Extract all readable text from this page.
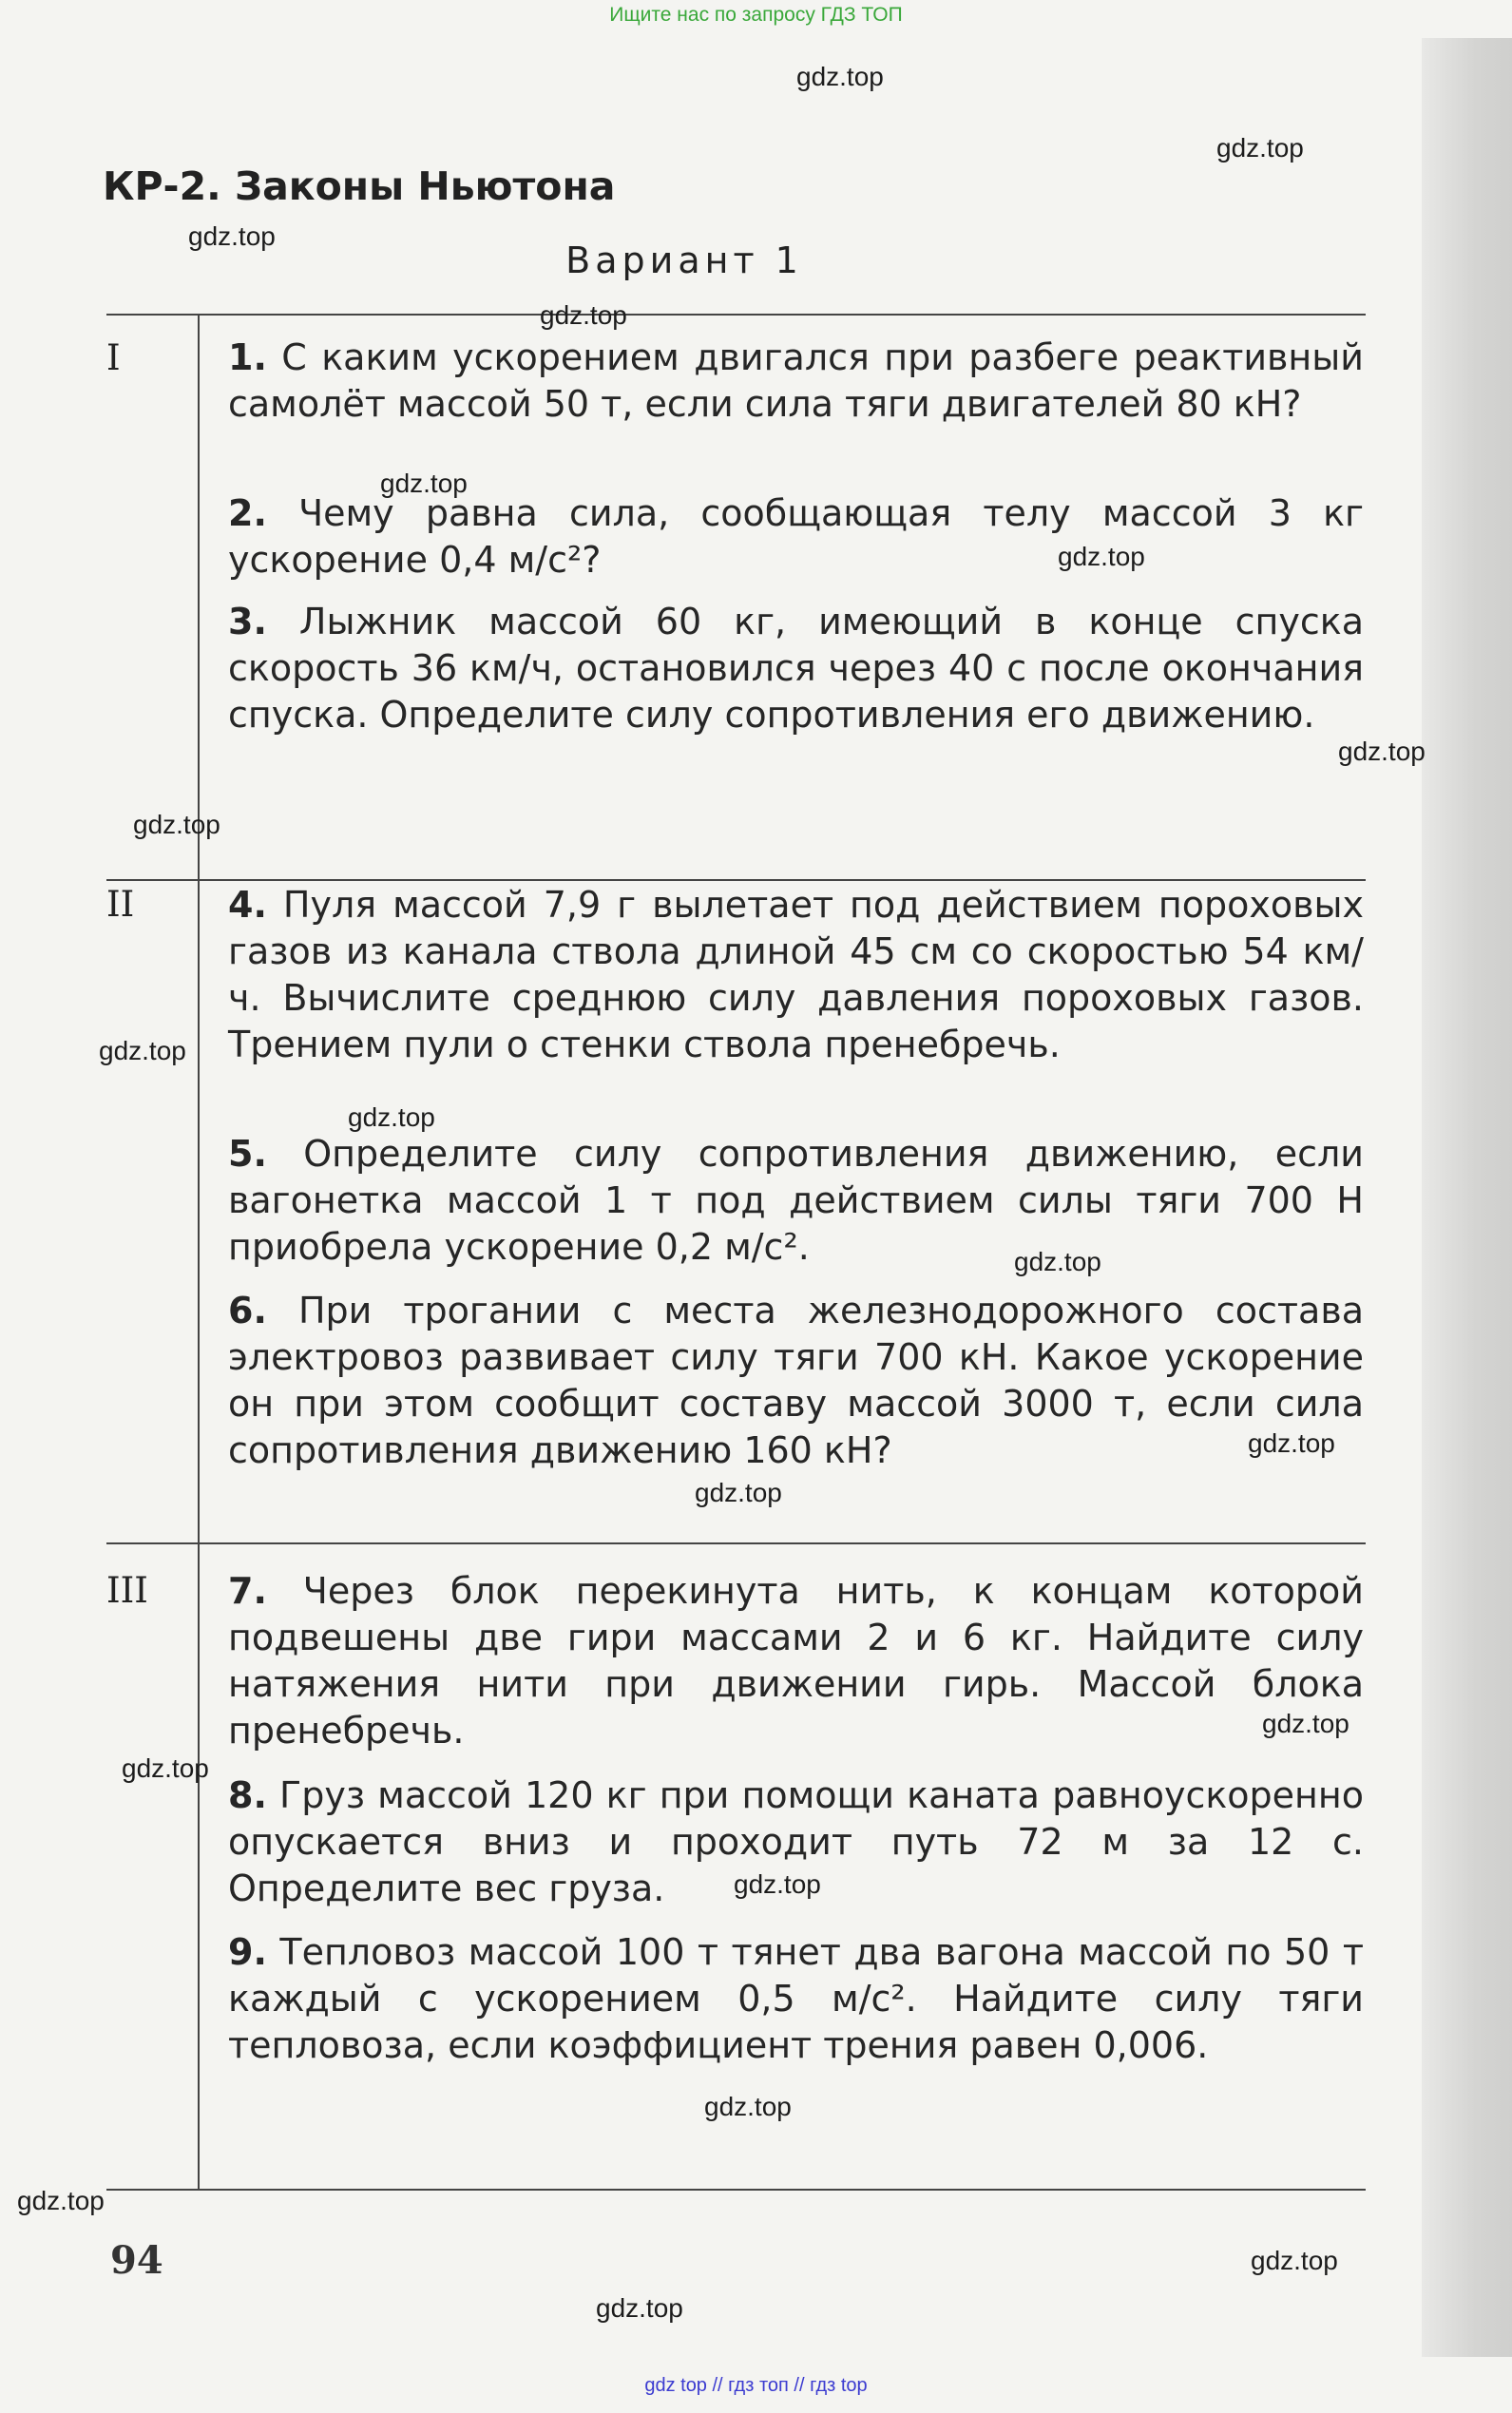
Ищите нас по запросу ГДЗ ТОП
КР-2. Законы Ньютона
Вариант 1
I
II
III

1. С каким ускорением двигался при разбеге реактивный самолёт массой 50 т, если сила тяги двигателей 80 кН?

2. Чему равна сила, сообщающая телу массой 3 кг ускорение 0,4 м/с²?

3. Лыжник массой 60 кг, имеющий в конце спуска скорость 36 км/ч, остановился через 40 с после окончания спуска. Определите силу сопротивления его движению.

4. Пуля массой 7,9 г вылетает под действием пороховых газов из канала ствола длиной 45 см со скоростью 54 км/ч. Вычислите среднюю силу давления пороховых газов. Трением пули о стенки ствола пренебречь.

5. Определите силу сопротивления движению, если вагонетка массой 1 т под действием силы тяги 700 Н приобрела ускорение 0,2 м/с².

6. При трогании с места железнодорожного состава электровоз развивает силу тяги 700 кН. Какое ускорение он при этом сообщит составу массой 3000 т, если сила сопротивления движению 160 кН?

7. Через блок перекинута нить, к концам которой подвешены две гири массами 2 и 6 кг. Найдите силу натяжения нити при движении гирь. Массой блока пренебречь.

8. Груз массой 120 кг при помощи каната равноускоренно опускается вниз и проходит путь 72 м за 12 с. Определите вес груза.

9. Тепловоз массой 100 т тянет два вагона массой по 50 т каждый с ускорением 0,5 м/с². Найдите силу тяги тепловоза, если коэффициент трения равен 0,006.

94
gdz.top
gdz.top
gdz.top
gdz.top
gdz.top
gdz.top
gdz.top
gdz.top
gdz.top
gdz.top
gdz.top
gdz.top
gdz.top
gdz.top
gdz.top
gdz.top
gdz.top
gdz.top
gdz.top
gdz.top
gdz top // гдз топ // гдз top
